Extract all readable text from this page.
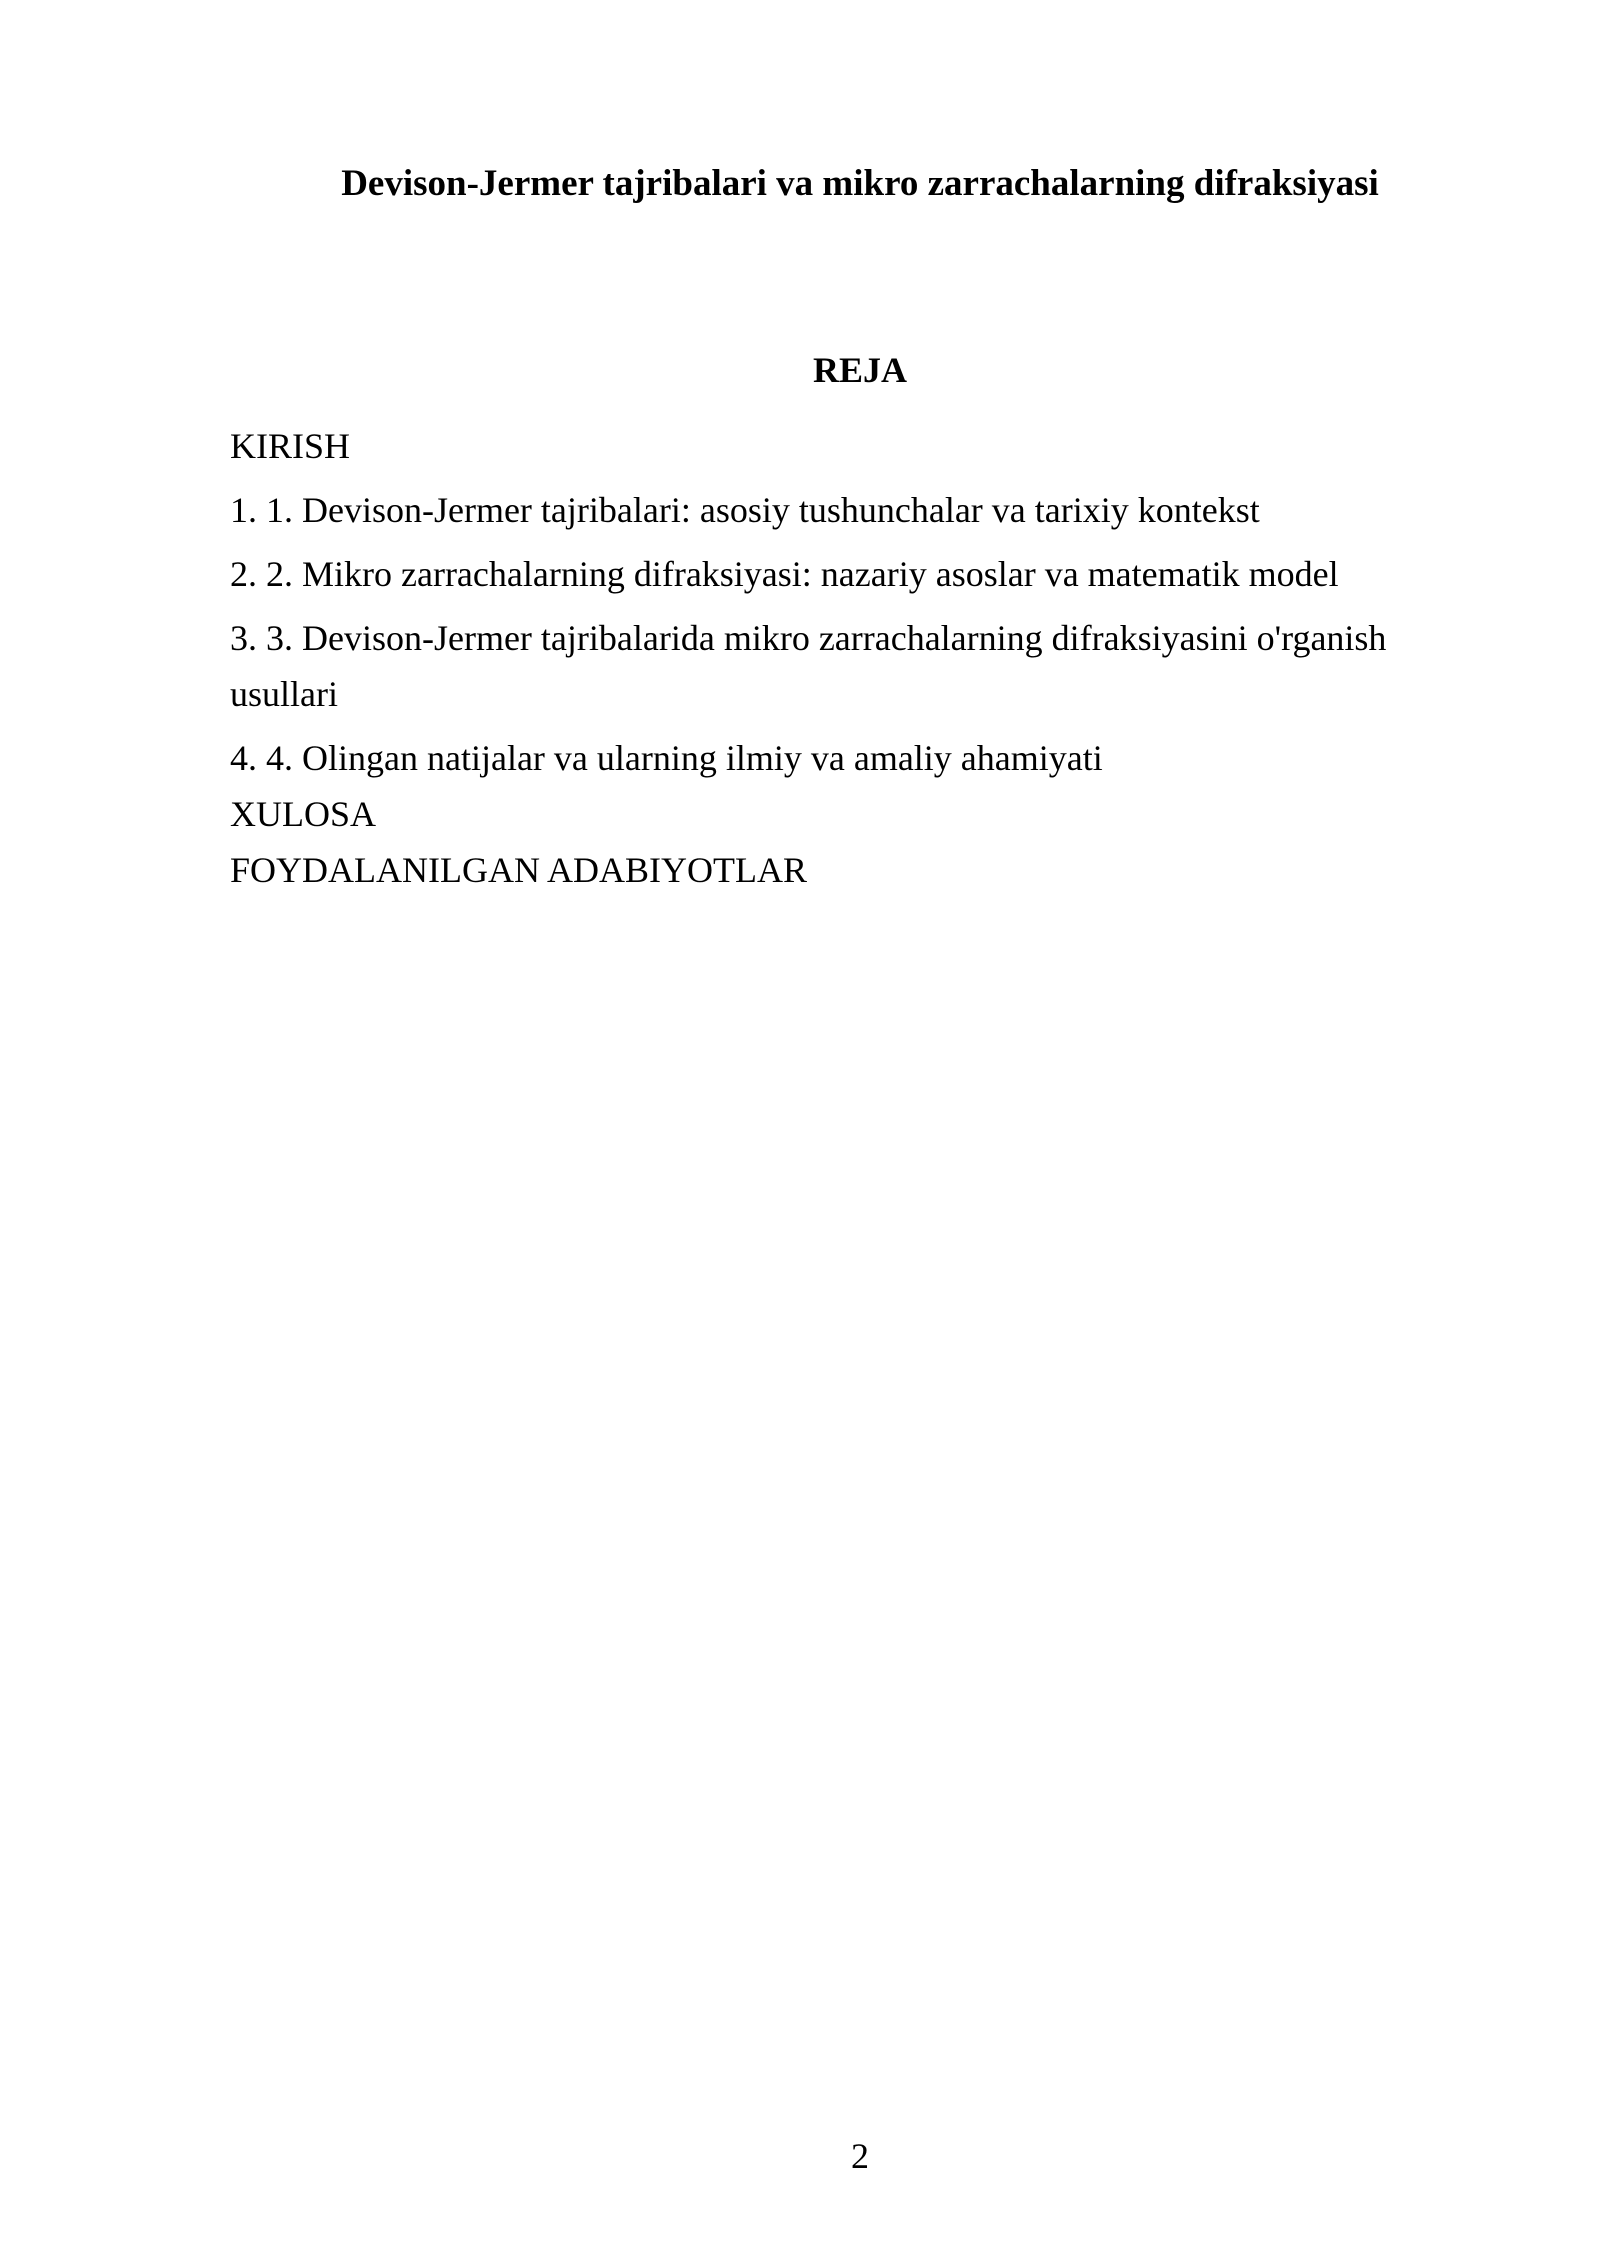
Devison-Jermer tajribalari va mikro zarrachalarning difraksiyasi
REJA
KIRISH
1. 1. Devison-Jermer tajribalari: asosiy tushunchalar va tarixiy kontekst
2. 2. Mikro zarrachalarning difraksiyasi: nazariy asoslar va matematik model
3. 3. Devison-Jermer tajribalarida mikro zarrachalarning difraksiyasini o'rganish usullari
4. 4. Olingan natijalar va ularning ilmiy va amaliy ahamiyati
XULOSA
FOYDALANILGAN ADABIYOTLAR
2
